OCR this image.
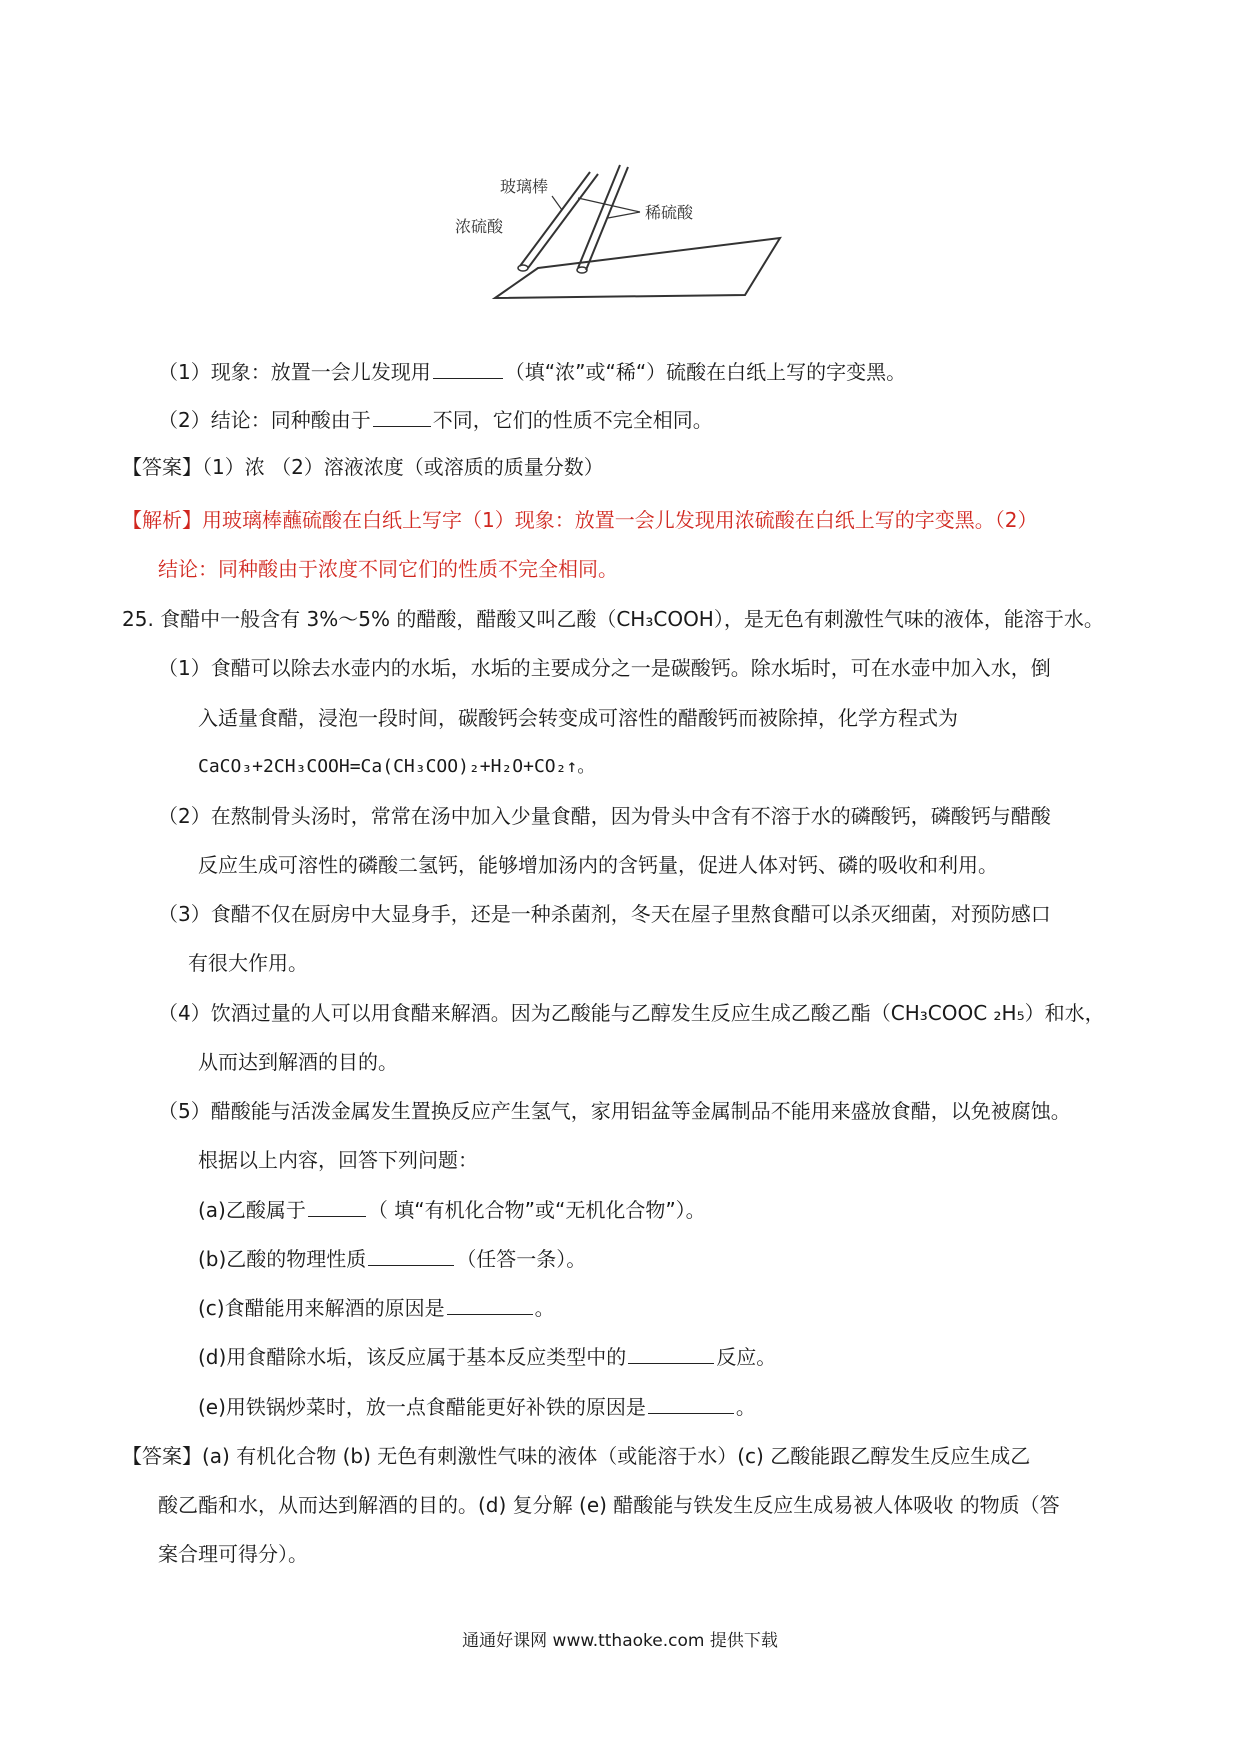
玻璃棒
浓硫酸
稀硫酸
（1）现象：放置一会儿发现用	（填“浓”或“稀“）硫酸在白纸上写的字变黑。
（2）结论：同种酸由于	不同，它们的性质不完全相同。
【答案】（1）浓 （2）溶液浓度（或溶质的质量分数）
【解析】用玻璃棒蘸硫酸在白纸上写字（1）现象：放置一会儿发现用浓硫酸在白纸上写的字变黑。（2）
结论：同种酸由于浓度不同它们的性质不完全相同。
25. 食醋中一般含有 3%～5% 的醋酸，醋酸又叫乙酸（CH₃COOH），是无色有刺激性气味的液体，能溶于水。
（1）食醋可以除去水壶内的水垢，水垢的主要成分之一是碳酸钙。除水垢时，可在水壶中加入水，倒
入适量食醋，浸泡一段时间，碳酸钙会转变成可溶性的醋酸钙而被除掉，化学方程式为
CaCO₃+2CH₃COOH=Ca(CH₃COO)₂+H₂O+CO₂↑。
（2）在熬制骨头汤时，常常在汤中加入少量食醋，因为骨头中含有不溶于水的磷酸钙，磷酸钙与醋酸
反应生成可溶性的磷酸二氢钙，能够增加汤内的含钙量，促进人体对钙、磷的吸收和利用。
（3）食醋不仅在厨房中大显身手，还是一种杀菌剂，冬天在屋子里熬食醋可以杀灭细菌，对预防感口
有很大作用。
（4）饮酒过量的人可以用食醋来解酒。因为乙酸能与乙醇发生反应生成乙酸乙酯（CH₃COOC ₂H₅）和水，
从而达到解酒的目的。
（5）醋酸能与活泼金属发生置换反应产生氢气，家用铝盆等金属制品不能用来盛放食醋，以免被腐蚀。
根据以上内容，回答下列问题：
(a)乙酸属于	（ 填“有机化合物”或“无机化合物”）。
(b)乙酸的物理性质	（任答一条）。
(c)食醋能用来解酒的原因是	。
(d)用食醋除水垢，该反应属于基本反应类型中的	反应。
(e)用铁锅炒菜时，放一点食醋能更好补铁的原因是	。
【答案】(a) 有机化合物 (b) 无色有刺激性气味的液体（或能溶于水）(c) 乙酸能跟乙醇发生反应生成乙
酸乙酯和水，从而达到解酒的目的。(d) 复分解 (e) 醋酸能与铁发生反应生成易被人体吸收 的物质（答
案合理可得分）。
通通好课网 www.tthaoke.com 提供下载
